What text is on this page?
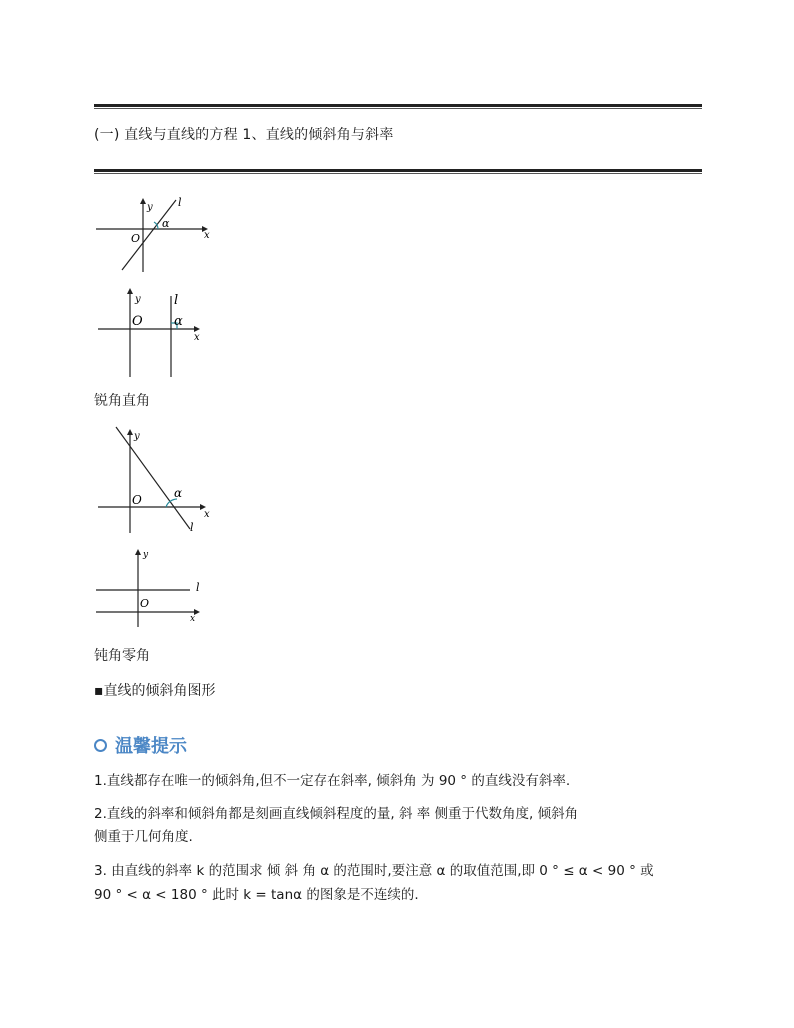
(一) 直线与直线的方程 1、直线的倾斜角与斜率
y
x
O
l
α
y
x
O
l
α
锐角直角
y
x
O
l
α
y
x
O
l
钝角零角
▪直线的倾斜角图形
温馨提示
1.直线都存在唯一的倾斜角,但不一定存在斜率, 倾斜角 为 90 ° 的直线没有斜率.
2.直线的斜率和倾斜角都是刻画直线倾斜程度的量, 斜 率 侧重于代数角度, 倾斜角
侧重于几何角度.
3. 由直线的斜率 k 的范围求 倾 斜 角 α 的范围时,要注意 α 的取值范围,即 0 ° ≤ α < 90 ° 或
90 ° < α < 180 ° 此时 k = tanα 的图象是不连续的.
